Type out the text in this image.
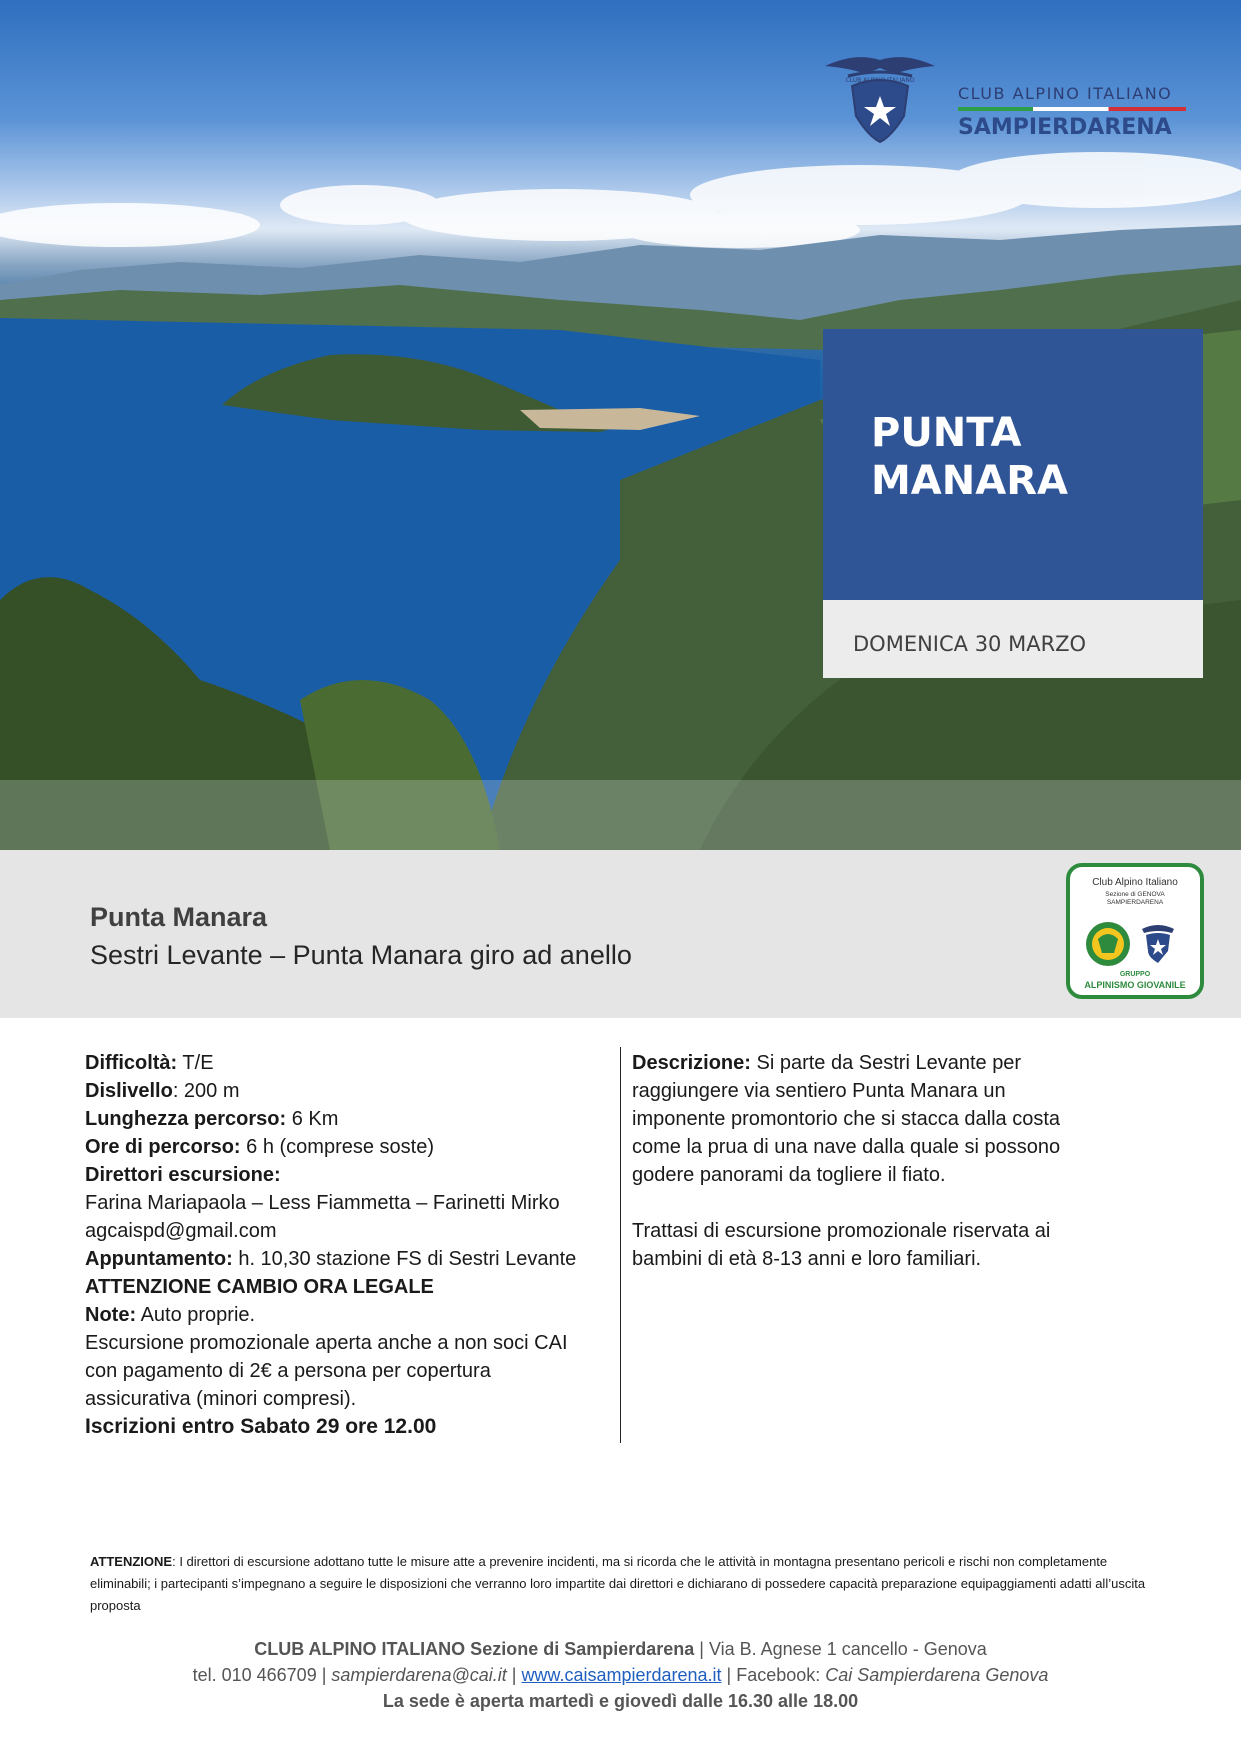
CLUB ALPINO ITALIANO
CLUB ALPINO ITALIANO
SAMPIERDARENA
PUNTA
MANARA
DOMENICA 30 MARZO
Punta Manara
Sestri Levante – Punta Manara giro ad anello
Club Alpino Italiano
Sezione di GENOVA
SAMPIERDARENA
GRUPPO
ALPINISMO GIOVANILE
Difficoltà: T/E
Dislivello: 200 m
Lunghezza percorso: 6 Km
Ore di percorso: 6 h (comprese soste)
Direttori escursione:
Farina Mariapaola – Less Fiammetta – Farinetti Mirko
agcaispd@gmail.com
Appuntamento: h. 10,30 stazione FS di Sestri Levante
ATTENZIONE CAMBIO ORA LEGALE
Note: Auto proprie.
Escursione promozionale aperta anche a non soci CAI
con pagamento di 2€ a persona per copertura
assicurativa (minori compresi).
Iscrizioni entro Sabato 29 ore 12.00

Descrizione: Si parte da Sestri Levante per raggiungere via sentiero Punta Manara un imponente promontorio che si stacca dalla costa come la prua di una nave dalla quale si possono godere panorami da togliere il fiato.

Trattasi di escursione promozionale riservata ai bambini di età 8-13 anni e loro familiari.

ATTENZIONE: I direttori di escursione adottano tutte le misure atte a prevenire incidenti, ma si ricorda che le attività in montagna presentano pericoli e rischi non completamente eliminabili; i partecipanti s’impegnano a seguire le disposizioni che verranno loro impartite dai direttori e dichiarano di possedere capacità preparazione equipaggiamenti adatti all’uscita proposta
CLUB ALPINO ITALIANO Sezione di Sampierdarena | Via B. Agnese 1 cancello - Genova
tel. 010 466709 | sampierdarena@cai.it | www.caisampierdarena.it | Facebook: Cai Sampierdarena Genova
La sede è aperta martedì e giovedì dalle 16.30 alle 18.00
